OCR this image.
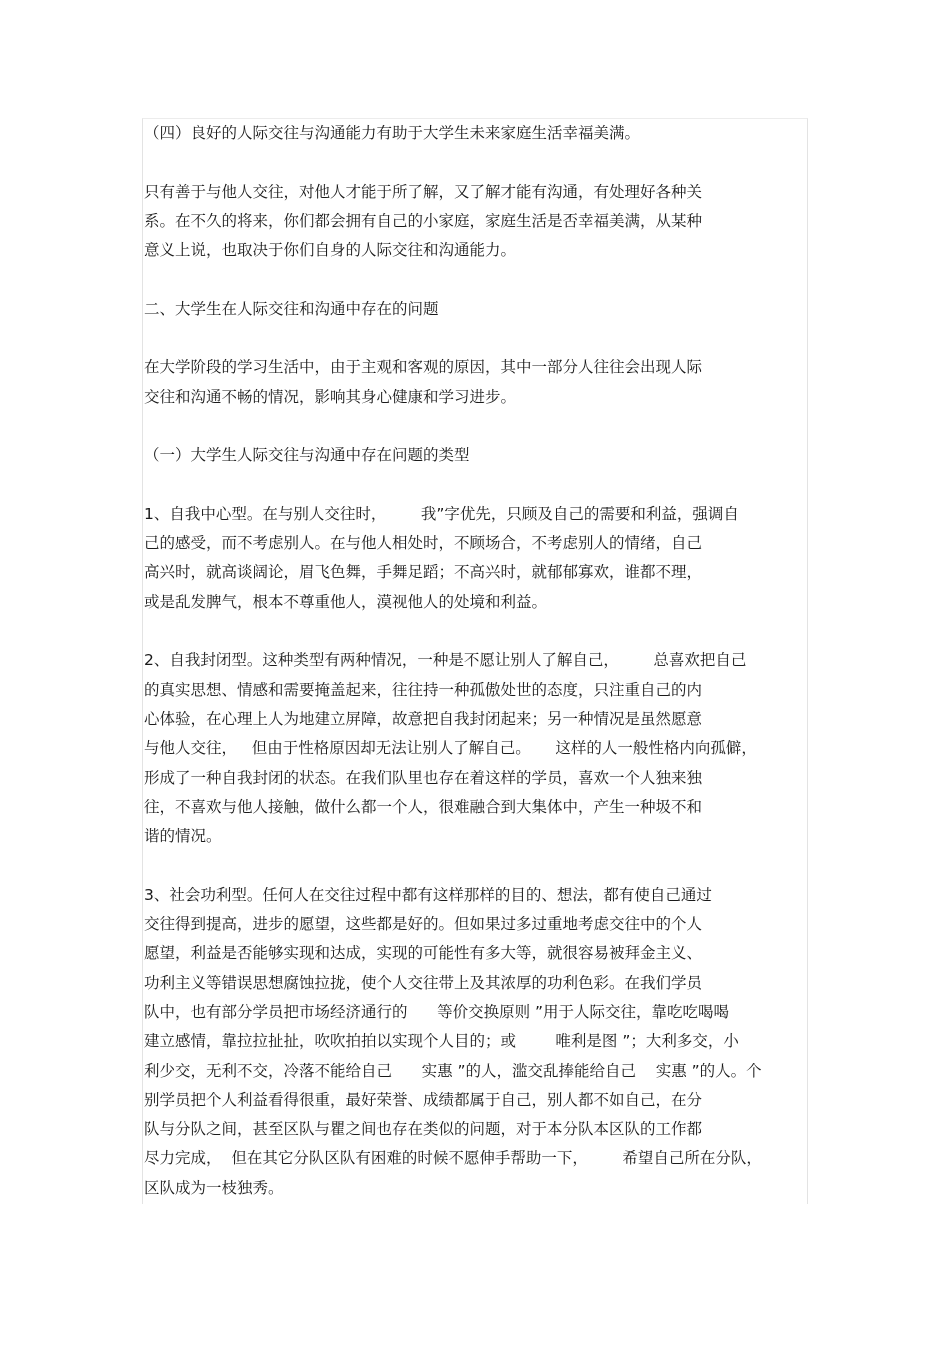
（四）良好的人际交往与沟通能力有助于大学生未来家庭生活幸福美满。
只有善于与他人交往，对他人才能于所了解，又了解才能有沟通，有处理好各种关
系。在不久的将来，你们都会拥有自己的小家庭，家庭生活是否幸福美满，从某种
意义上说，也取决于你们自身的人际交往和沟通能力。
二、大学生在人际交往和沟通中存在的问题
在大学阶段的学习生活中，由于主观和客观的原因，其中一部分人往往会出现人际
交往和沟通不畅的情况，影响其身心健康和学习进步。
（一）大学生人际交往与沟通中存在问题的类型
1、自我中心型。在与别人交往时，       我”字优先，只顾及自己的需要和利益，强调自
己的感受，而不考虑别人。在与他人相处时，不顾场合，不考虑别人的情绪，自己
高兴时，就高谈阔论，眉飞色舞，手舞足蹈；不高兴时，就郁郁寡欢，谁都不理，
或是乱发脾气，根本不尊重他人，漠视他人的处境和利益。
2、自我封闭型。这种类型有两种情况，一种是不愿让别人了解自己，       总喜欢把自己
的真实思想、情感和需要掩盖起来，往往持一种孤傲处世的态度，只注重自己的内
心体验，在心理上人为地建立屏障，故意把自我封闭起来；另一种情况是虽然愿意
与他人交往，   但由于性格原因却无法让别人了解自己。     这样的人一般性格内向孤僻，
形成了一种自我封闭的状态。在我们队里也存在着这样的学员，喜欢一个人独来独
往，不喜欢与他人接触，做什么都一个人，很难融合到大集体中，产生一种圾不和
谐的情况。
3、社会功利型。任何人在交往过程中都有这样那样的目的、想法，都有使自己通过
交往得到提高，进步的愿望，这些都是好的。但如果过多过重地考虑交往中的个人
愿望，利益是否能够实现和达成，实现的可能性有多大等，就很容易被拜金主义、
功利主义等错误思想腐蚀拉拢，使个人交往带上及其浓厚的功利色彩。在我们学员
队中，也有部分学员把市场经济通行的      等价交换原则 ”用于人际交往，靠吃吃喝喝
建立感情，靠拉拉扯扯，吹吹拍拍以实现个人目的；或        唯利是图 ”；大利多交，小
利少交，无利不交，冷落不能给自己      实惠 ”的人，滥交乱捧能给自己    实惠 ”的人。个
别学员把个人利益看得很重，最好荣誉、成绩都属于自己，别人都不如自己，在分
队与分队之间，甚至区队与瞿之间也存在类似的问题，对于本分队本区队的工作都
尽力完成，  但在其它分队区队有困难的时候不愿伸手帮助一下，       希望自己所在分队，
区队成为一枝独秀。
